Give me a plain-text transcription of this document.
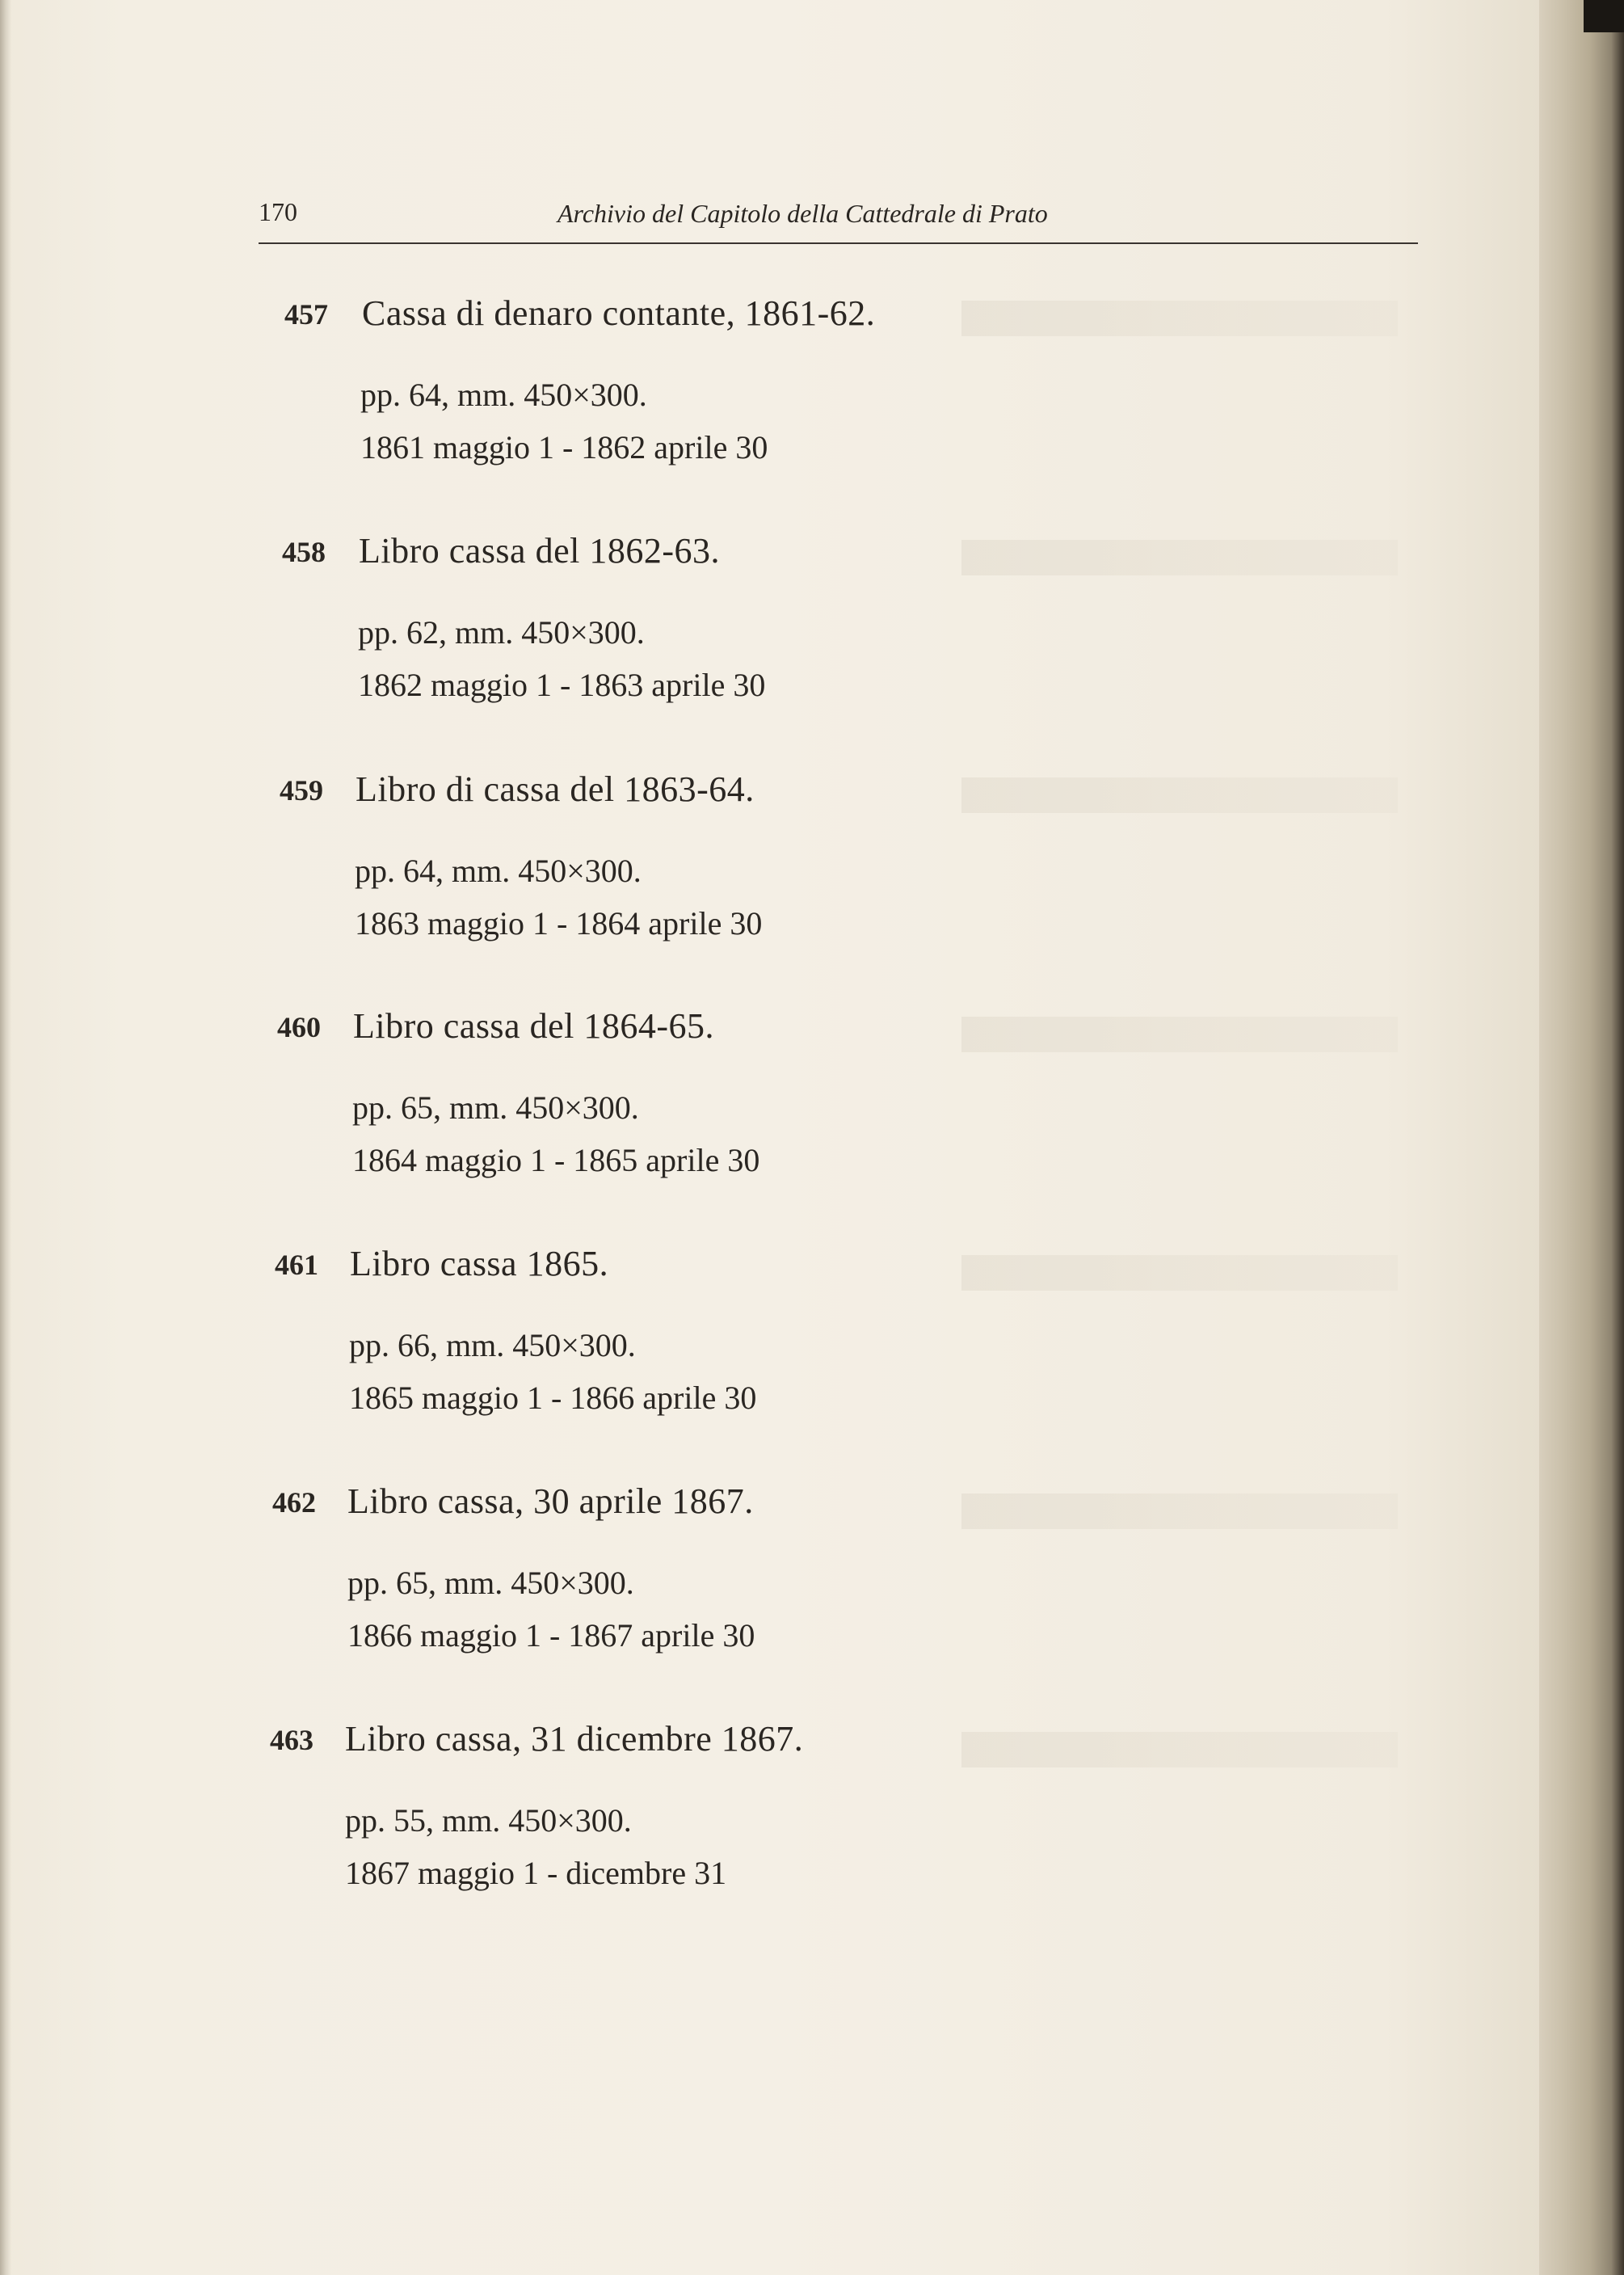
170	Archivio del Capitolo della Cattedrale di Prato
457 Cassa di denaro contante, 1861-62.
pp. 64, mm. 450×300.
1861 maggio 1 - 1862 aprile 30
458 Libro cassa del 1862-63.
pp. 62, mm. 450×300.
1862 maggio 1 - 1863 aprile 30
459 Libro di cassa del 1863-64.
pp. 64, mm. 450×300.
1863 maggio 1 - 1864 aprile 30
460 Libro cassa del 1864-65.
pp. 65, mm. 450×300.
1864 maggio 1 - 1865 aprile 30
461 Libro cassa 1865.
pp. 66, mm. 450×300.
1865 maggio 1 - 1866 aprile 30
462 Libro cassa, 30 aprile 1867.
pp. 65, mm. 450×300.
1866 maggio 1 - 1867 aprile 30
463 Libro cassa, 31 dicembre 1867.
pp. 55, mm. 450×300.
1867 maggio 1 - dicembre 31
